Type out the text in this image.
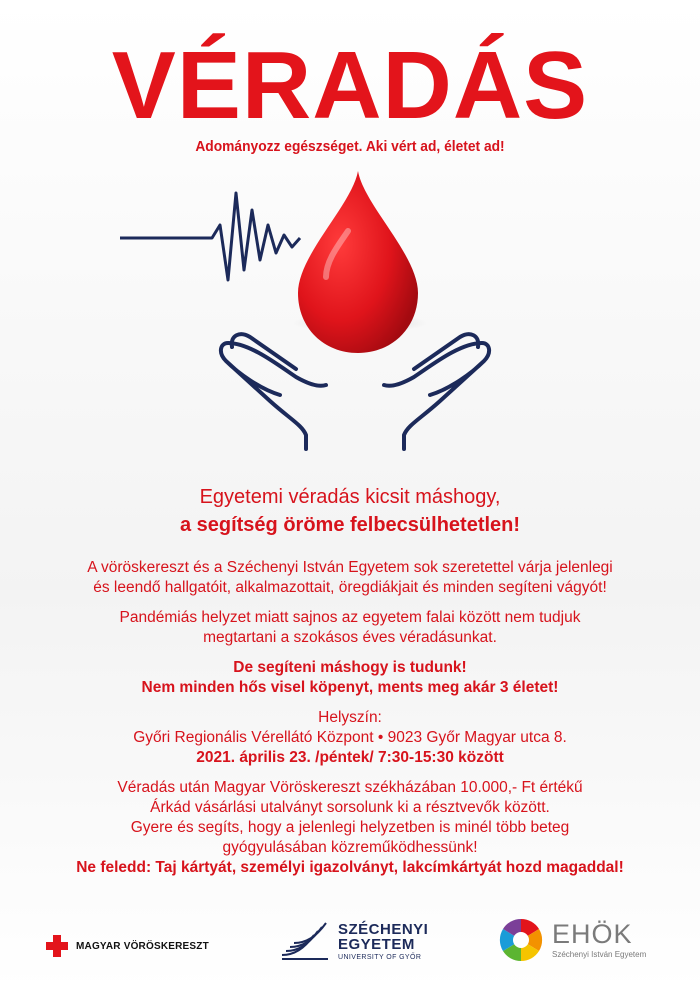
VÉRADÁS
Adományozz egészséget. Aki vért ad, életet ad!
Egyetemi véradás kicsit máshogy,
a segítség öröme felbecsülhetetlen!

A vöröskereszt és a Széchenyi István Egyetem sok szeretettel várja jelenlegi
és leendő hallgatóit, alkalmazottait, öregdiákjait és minden segíteni vágyót!

Pandémiás helyzet miatt sajnos az egyetem falai között nem tudjuk
megtartani a szokásos éves véradásunkat.

De segíteni máshogy is tudunk!
Nem minden hős visel köpenyt, ments meg akár 3 életet!

Helyszín:
Győri Regionális Vérellátó Központ • 9023 Győr Magyar utca 8.
2021. április 23. /péntek/ 7:30-15:30 között

Véradás után Magyar Vöröskereszt székházában 10.000,- Ft értékű
Árkád vásárlási utalványt sorsolunk ki a résztvevők között.
Gyere és segíts, hogy a jelenlegi helyzetben is minél több beteg
gyógyulásában közreműködhessünk!
Ne feledd: Taj kártyát, személyi igazolványt, lakcímkártyát hozd magaddal!

MAGYAR VÖRÖSKERESZT
SZÉCHENYI
EGYETEM
UNIVERSITY OF GYŐR
EHÖK
Széchenyi István Egyetem
